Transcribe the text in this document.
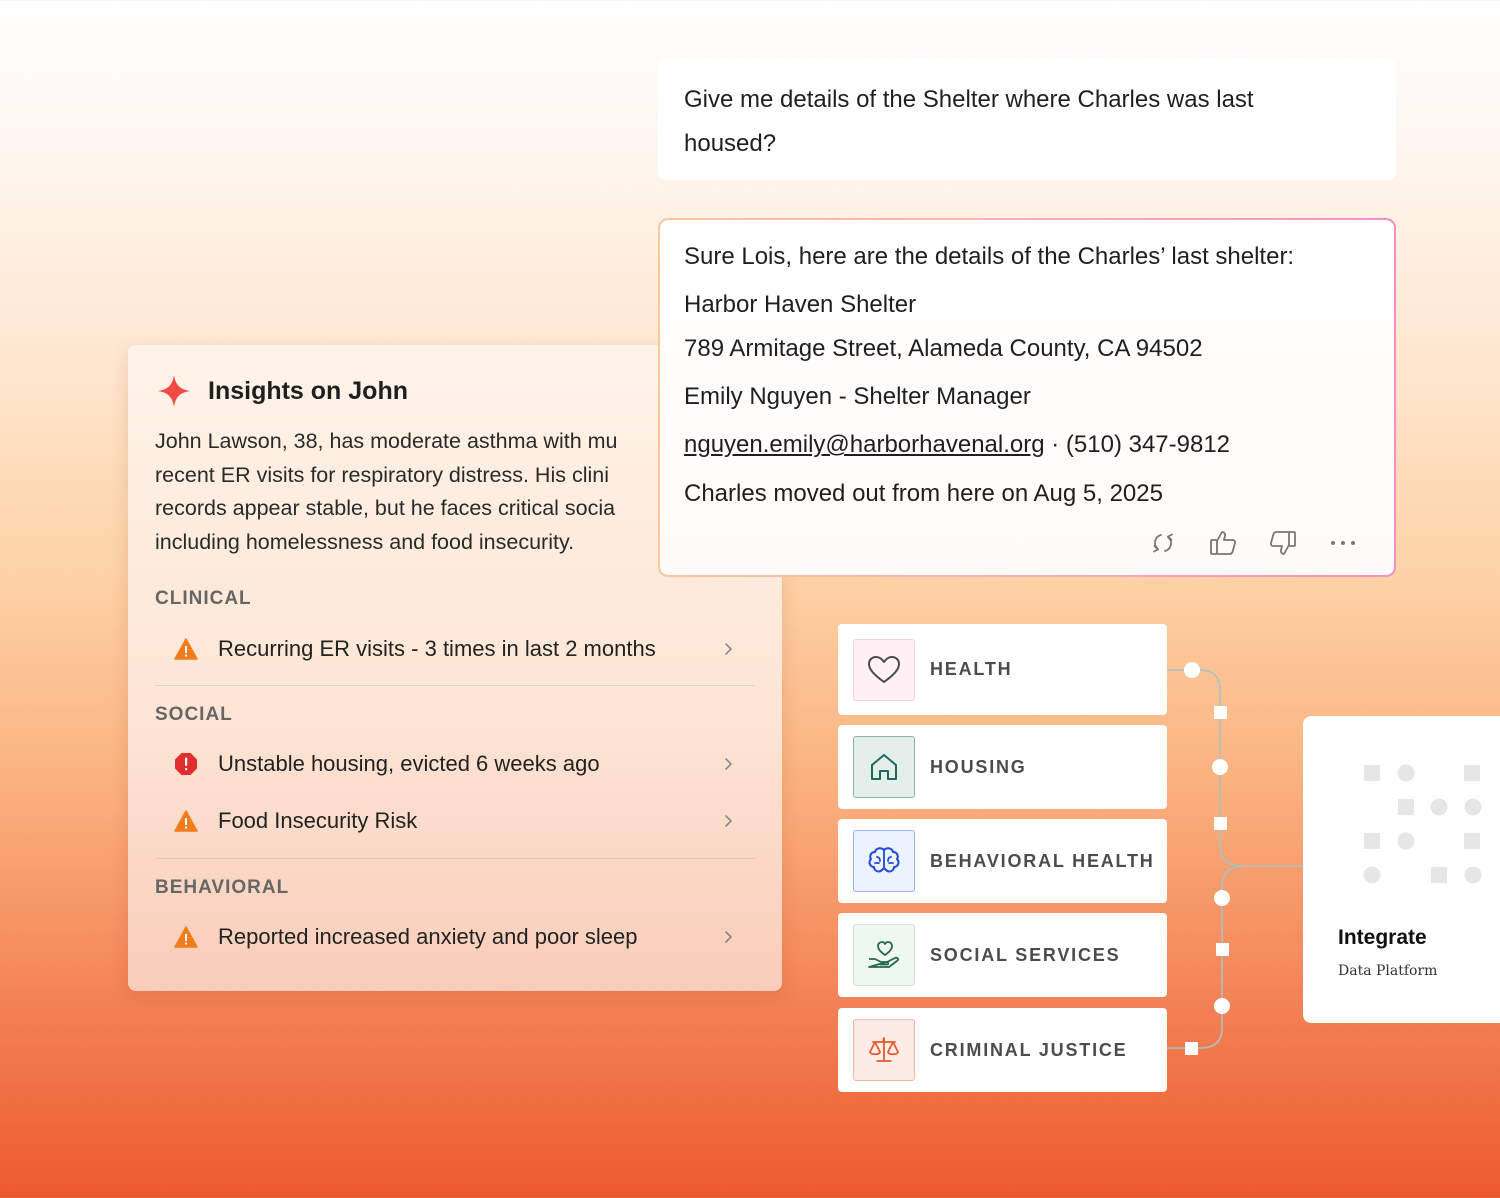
Give me details of the Shelter where Charles was last
housed?
Insights on John
John Lawson, 38, has moderate asthma with mu
recent ER visits for respiratory distress. His clini
records appear stable, but he faces critical socia
including homelessness and food insecurity.
CLINICAL
Recurring ER visits - 3 times in last 2 months
SOCIAL
Unstable housing, evicted 6 weeks ago
Food Insecurity Risk
BEHAVIORAL
Reported increased anxiety and poor sleep
Sure Lois, here are the details of the Charles’ last shelter:
Harbor Haven Shelter
789 Armitage Street, Alameda County, CA 94502
Emily Nguyen - Shelter Manager
nguyen.emily@harborhavenal.org · (510) 347-9812
Charles moved out from here on Aug 5, 2025
HEALTH
HOUSING
BEHAVIORAL HEALTH
SOCIAL SERVICES
CRIMINAL JUSTICE
Integrate
Data Platform
